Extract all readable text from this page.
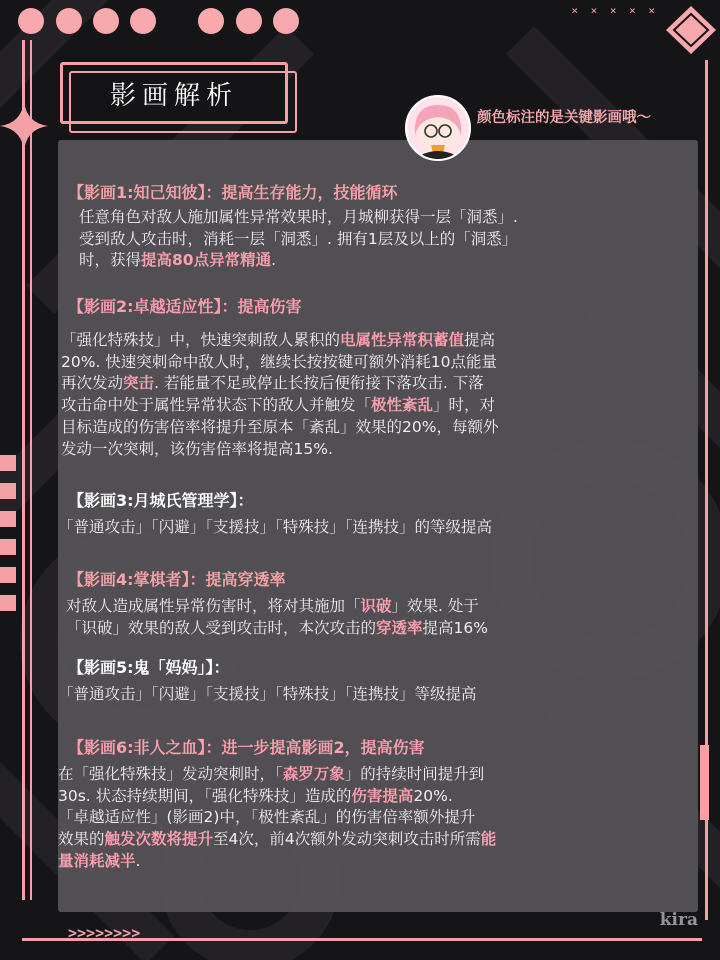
× × × × ×
影画解析
颜色标注的是关键影画哦～
【影画1:知己知彼】：提高生存能力，技能循环
任意角色对敌人施加属性异常效果时，月城柳获得一层「洞悉」.
受到敌人攻击时，消耗一层「洞悉」. 拥有1层及以上的「洞悉」
时，获得提高80点异常精通.
【影画2:卓越适应性】：提高伤害
「强化特殊技」中，快速突刺敌人累积的电属性异常积蓄值提高
20%. 快速突刺命中敌人时，继续长按按键可额外消耗10点能量
再次发动突击. 若能量不足或停止长按后便衔接下落攻击. 下落
攻击命中处于属性异常状态下的敌人并触发「极性紊乱」时，对
目标造成的伤害倍率将提升至原本「紊乱」效果的20%，每额外
发动一次突刺，该伤害倍率将提高15%.
【影画3:月城氏管理学】：
「普通攻击」「闪避」「支援技」「特殊技」「连携技」的等级提高
【影画4:掌棋者】：提高穿透率
对敌人造成属性异常伤害时，将对其施加「识破」效果. 处于
「识破」效果的敌人受到攻击时，本次攻击的穿透率提高16%
【影画5:鬼「妈妈」】：
「普通攻击」「闪避」「支援技」「特殊技」「连携技」等级提高
【影画6:非人之血】：进一步提高影画2，提高伤害
在「强化特殊技」发动突刺时，「森罗万象」的持续时间提升到
30s. 状态持续期间，「强化特殊技」造成的伤害提高20%.
「卓越适应性」(影画2)中，「极性紊乱」的伤害倍率额外提升
效果的触发次数将提升至4次，前4次额外发动突刺攻击时所需能
量消耗减半.
kira
>>>>>>>>
